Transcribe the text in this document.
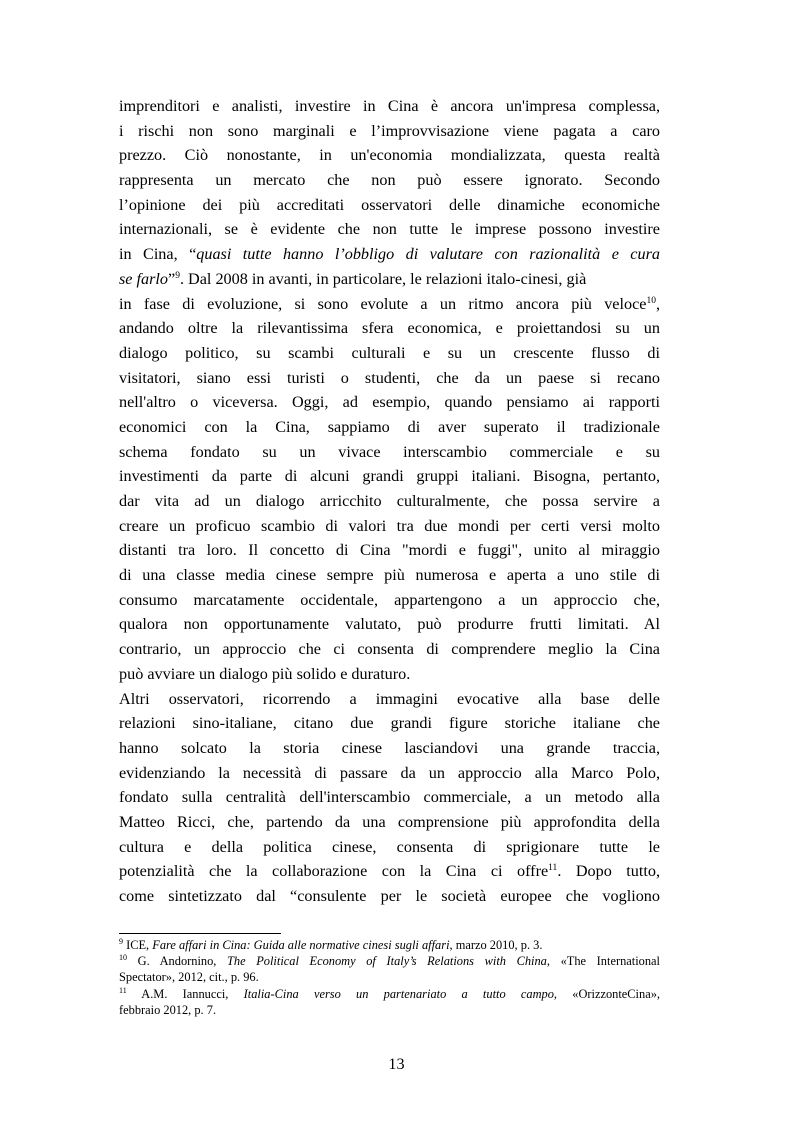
imprenditori e analisti, investire in Cina è ancora un'impresa complessa,
i rischi non sono marginali e l’improvvisazione viene pagata a caro
prezzo. Ciò nonostante, in un'economia mondializzata, questa realtà
rappresenta un mercato che non può essere ignorato. Secondo
l’opinione dei più accreditati osservatori delle dinamiche economiche
internazionali, se è evidente che non tutte le imprese possono investire
in Cina, “quasi tutte hanno l’obbligo di valutare con razionalità e cura
se farlo”$^9$. Dal 2008 in avanti, in particolare, le relazioni italo-cinesi, già
in fase di evoluzione, si sono evolute a un ritmo ancora più veloce$^{10}$,
andando oltre la rilevantissima sfera economica, e proiettandosi su un
dialogo politico, su scambi culturali e su un crescente flusso di
visitatori, siano essi turisti o studenti, che da un paese si recano
nell'altro o viceversa. Oggi, ad esempio, quando pensiamo ai rapporti
economici con la Cina, sappiamo di aver superato il tradizionale
schema fondato su un vivace interscambio commerciale e su
investimenti da parte di alcuni grandi gruppi italiani. Bisogna, pertanto,
dar vita ad un dialogo arricchito culturalmente, che possa servire a
creare un proficuo scambio di valori tra due mondi per certi versi molto
distanti tra loro. Il concetto di Cina "mordi e fuggi", unito al miraggio
di una classe media cinese sempre più numerosa e aperta a uno stile di
consumo marcatamente occidentale, appartengono a un approccio che,
qualora non opportunamente valutato, può produrre frutti limitati. Al
contrario, un approccio che ci consenta di comprendere meglio la Cina
può avviare un dialogo più solido e duraturo.
Altri osservatori, ricorrendo a immagini evocative alla base delle
relazioni sino-italiane, citano due grandi figure storiche italiane che
hanno solcato la storia cinese lasciandovi una grande traccia,
evidenziando la necessità di passare da un approccio alla Marco Polo,
fondato sulla centralità dell'interscambio commerciale, a un metodo alla
Matteo Ricci, che, partendo da una comprensione più approfondita della
cultura e della politica cinese, consenta di sprigionare tutte le
potenzialità che la collaborazione con la Cina ci offre$^{11}$. Dopo tutto,
come sintetizzato dal “consulente per le società europee che vogliono
$^9$ ICE, Fare affari in Cina: Guida alle normative cinesi sugli affari, marzo 2010, p. 3.
$^{10}$ G. Andornino, The Political Economy of Italy’s Relations with China, «The International
Spectator», 2012, cit., p. 96.
$^{11}$ A.M. Iannucci, Italia-Cina verso un partenariato a tutto campo, «OrizzonteCina»,
febbraio 2012, p. 7.
13
